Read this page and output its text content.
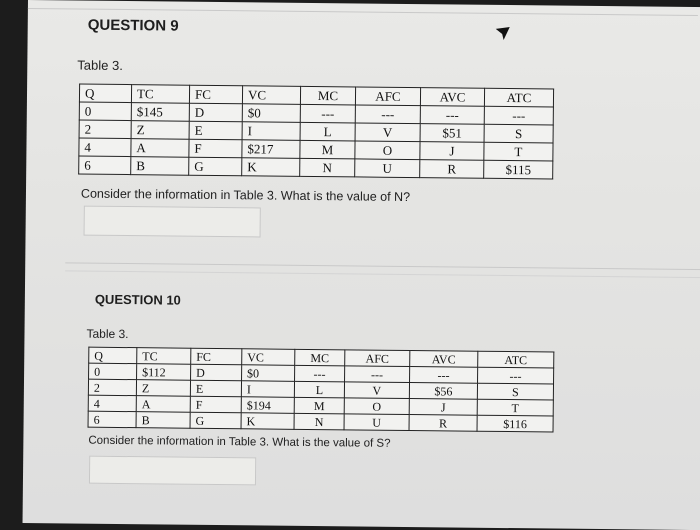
QUESTION 9
Table 3.
Q	TC	FC	VC	MC	AFC	AVC	ATC
0	$145	D	$0	---	---	---	---
2	Z	E	I	L	V	$51	S
4	A	F	$217	M	O	J	T
6	B	G	K	N	U	R	$115
Consider the information in Table 3. What is the value of N?
QUESTION 10
Table 3.
Q	TC	FC	VC	MC	AFC	AVC	ATC
0	$112	D	$0	---	---	---	---
2	Z	E	I	L	V	$56	S
4	A	F	$194	M	O	J	T
6	B	G	K	N	U	R	$116
Consider the information in Table 3. What is the value of S?
